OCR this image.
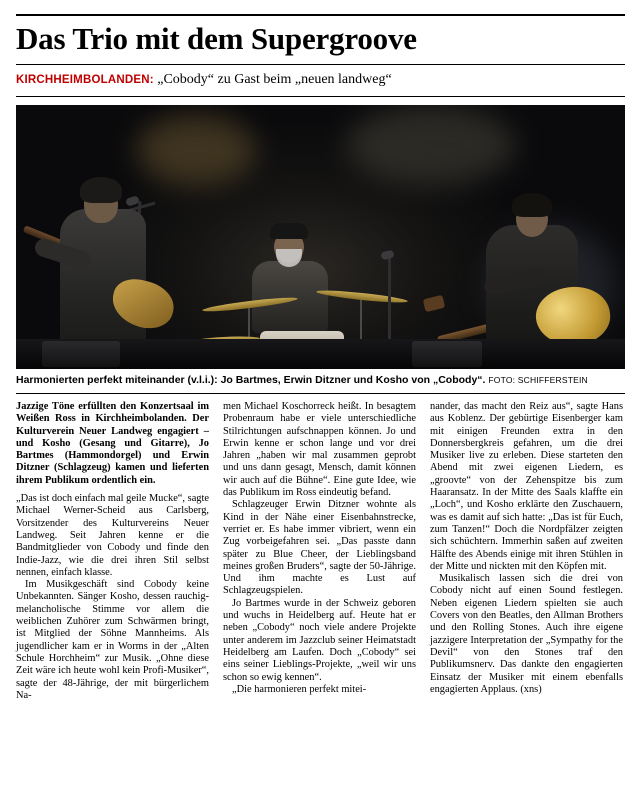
Das Trio mit dem Supergroove
KIRCHHEIMBOLANDEN: „Cobody“ zu Gast beim „neuen landweg“
Harmonierten perfekt miteinander (v.l.i.): Jo Bartmes, Erwin Ditzner und Kosho von „Cobody“. FOTO: SCHIFFERSTEIN

Jazzige Töne erfüllten den Konzertsaal im Weißen Ross in Kirchheimbolanden. Der Kulturverein Neuer Landweg engagiert – und Kosho (Gesang und Gitarre), Jo Bartmes (Hammondorgel) und Erwin Ditzner (Schlagzeug) kamen und lieferten ihrem Publikum ordentlich ein.

„Das ist doch einfach mal geile Mucke“, sagte Michael Werner-Scheid aus Carlsberg, Vorsitzender des Kulturvereins Neuer Landweg. Seit Jahren kenne er die Bandmitglieder von Cobody und finde den Indie-Jazz, wie die drei ihren Stil selbst nennen, einfach klasse.

Im Musikgeschäft sind Cobody keine Unbekannten. Sänger Kosho, dessen rauchig-melancholische Stimme vor allem die weiblichen Zuhörer zum Schwärmen bringt, ist Mitglied der Söhne Mannheims. Als jugendlicher kam er in Worms in der „Alten Schule Horchheim“ zur Musik. „Ohne diese Zeit wäre ich heute wohl kein Profi-Musiker“, sagte der 48-Jährige, der mit bürgerlichem Na-

men Michael Koschorreck heißt. In besagtem Probenraum habe er viele unterschiedliche Stilrichtungen aufschnappen können. Jo und Erwin kenne er schon lange und vor drei Jahren „haben wir mal zusammen geprobt und uns dann gesagt, Mensch, damit können wir auch auf die Bühne“. Eine gute Idee, wie das Publikum im Ross eindeutig befand.

Schlagzeuger Erwin Ditzner wohnte als Kind in der Nähe einer Eisenbahnstrecke, verriet er. Es habe immer vibriert, wenn ein Zug vorbeigefahren sei. „Das passte dann später zu Blue Cheer, der Lieblingsband meines großen Bruders“, sagte der 50-Jährige. Und ihm machte es Lust auf Schlagzeugspielen.

Jo Bartmes wurde in der Schweiz geboren und wuchs in Heidelberg auf. Heute hat er neben „Cobody“ noch viele andere Projekte unter anderem im Jazzclub seiner Heimatstadt Heidelberg am Laufen. Doch „Cobody“ sei eins seiner Lieblings-Projekte, „weil wir uns schon so ewig kennen“.

„Die harmonieren perfekt mitei-

nander, das macht den Reiz aus“, sagte Hans aus Koblenz. Der gebürtige Eisenberger kam mit einigen Freunden extra in den Donnersbergkreis gefahren, um die drei Musiker live zu erleben. Diese starteten den Abend mit zwei eigenen Liedern, es „groovte“ von der Zehenspitze bis zum Haaransatz. In der Mitte des Saals klaffte ein „Loch“, und Kosho erklärte den Zuschauern, was es damit auf sich hatte: „Das ist für Euch, zum Tanzen!“ Doch die Nordpfälzer zeigten sich schüchtern. Immerhin saßen auf zweiten Hälfte des Abends einige mit ihren Stühlen in der Mitte und nickten mit den Köpfen mit.

Musikalisch lassen sich die drei von Cobody nicht auf einen Sound festlegen. Neben eigenen Liedern spielten sie auch Covers von den Beatles, den Allman Brothers und den Rolling Stones. Auch ihre eigene jazzigere Interpretation der „Sympathy for the Devil“ von den Stones traf den Publikumsnerv. Das dankte den engagierten Einsatz der Musiker mit einem ebenfalls engagierten Applaus. (xns)
